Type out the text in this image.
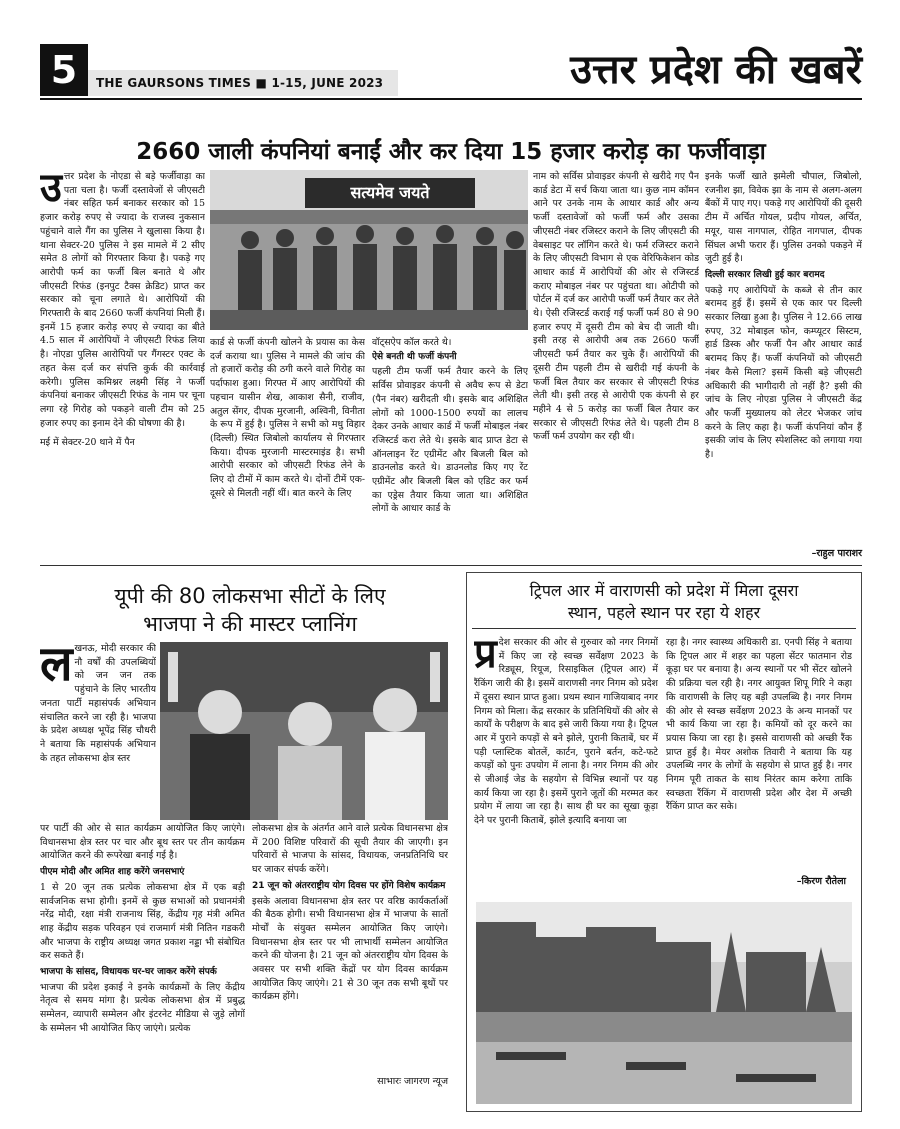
5	THE GAURSONS TIMES ■ 1-15, JUNE 2023	उत्तर प्रदेश की खबरें
2660 जाली कंपनियां बनाईं और कर दिया 15 हजार करोड़ का फर्जीवाड़ा
उ त्तर प्रदेश के नोएडा से बड़े फर्जीवाड़ा का पता चला है। फर्जी दस्तावेजों से जीएसटी नंबर सहित फर्म बनाकर सरकार को 15 हजार करोड़ रुपए से ज्यादा के राजस्व नुकसान पहुंचाने वाले गैंग का पुलिस ने खुलासा किया है। थाना सेक्टर-20 पुलिस ने इस मामले में 2 सीए समेत 8 लोगों को गिरफ्तार किया है। पकड़े गए आरोपी फर्म का फर्जी बिल बनाते थे और जीएसटी रिफंड (इनपुट टैक्स क्रेडिट) प्राप्त कर सरकार को चूना लगाते थे। आरोपियों की गिरफ्तारी के बाद 2660 फर्जी कंपनियां मिली हैं। इनमें 15 हजार करोड़ रुपए से ज्यादा का बीते 4.5 साल में आरोपियों ने जीएसटी रिफंड लिया है। नोएडा पुलिस आरोपियों पर गैंगस्टर एक्ट के तहत केस दर्ज कर संपत्ति कुर्क की कार्रवाई करेगी। पुलिस कमिश्नर लक्ष्मी सिंह ने फर्जी कंपनियां बनाकर जीएसटी रिफंड के नाम पर चूना लगा रहे गिरोह को पकड़ने वाली टीम को 25 हजार रुपए का इनाम देने की घोषणा की है।

मई में सेक्टर-20 थाने में पैन

सत्यमेव जयते
कार्ड से फर्जी कंपनी खोलने के प्रयास का केस दर्ज कराया था। पुलिस ने मामले की जांच की तो हजारों करोड़ की ठगी करने वाले गिरोह का पर्दाफाश हुआ। गिरफ्त में आए आरोपियों की पहचान यासीन शेख, आकाश सैनी, राजीव, अतुल सेंगर, दीपक मुरजानी, अश्विनी, विनीता के रूप में हुई है। पुलिस ने सभी को मधु विहार (दिल्ली) स्थित जिबोलो कार्यालय से गिरफ्तार किया। दीपक मुरजानी मास्टरमाइंड है। सभी आरोपी सरकार को जीएसटी रिफंड लेने के लिए दो टीमों में काम करते थे। दोनों टीमें एक-दूसरे से मिलती नहीं थीं। बात करने के लिए

वॉट्सऐप कॉल करते थे।

ऐसे बनती थी फर्जी कंपनी

पहली टीम फर्जी फर्म तैयार करने के लिए सर्विस प्रोवाइडर कंपनी से अवैध रूप से डेटा (पैन नंबर) खरीदती थी। इसके बाद अशिक्षित लोगों को 1000-1500 रुपयों का लालच देकर उनके आधार कार्ड में फर्जी मोबाइल नंबर रजिस्टर्ड करा लेते थे। इसके बाद प्राप्त डेटा से ऑनलाइन रेंट एग्रीमेंट और बिजली बिल को डाउनलोड करते थे। डाउनलोड किए गए रेंट एग्रीमेंट और बिजली बिल को एडिट कर फर्म का एड्रेस तैयार किया जाता था। अशिक्षित लोगों के आधार कार्ड के

नाम को सर्विस प्रोवाइडर कंपनी से खरीदे गए पैन कार्ड डेटा में सर्च किया जाता था। कुछ नाम कॉमन आने पर उनके नाम के आधार कार्ड और अन्य फर्जी दस्तावेजों को फर्जी फर्म और उसका जीएसटी नंबर रजिस्टर कराने के लिए जीएसटी की वेबसाइट पर लॉगिन करते थे। फर्म रजिस्टर कराने के लिए जीएसटी विभाग से एक वेरिफिकेशन कोड आधार कार्ड में आरोपियों की ओर से रजिस्टर्ड कराए मोबाइल नंबर पर पहुंचता था। ओटीपी को पोर्टल में दर्ज कर आरोपी फर्जी फर्म तैयार कर लेते थे। ऐसी रजिस्टर्ड कराई गई फर्जी फर्म 80 से 90 हजार रुपए में दूसरी टीम को बेच दी जाती थी। इसी तरह से आरोपी अब तक 2660 फर्जी जीएसटी फर्म तैयार कर चुके हैं। आरोपियों की दूसरी टीम पहली टीम से खरीदी गई कंपनी के फर्जी बिल तैयार कर सरकार से जीएसटी रिफंड लेती थी। इसी तरह से आरोपी एक कंपनी से हर महीने 4 से 5 करोड़ का फर्जी बिल तैयार कर सरकार से जीएसटी रिफंड लेते थे। पहली टीम 8 फर्जी फर्म उपयोग कर रही थी।

इनके फर्जी खाते झमेली चौपाल, जिबोलो, रजनीश झा, विवेक झा के नाम से अलग-अलग बैंकों में पाए गए। पकड़े गए आरोपियों की दूसरी टीम में अर्चित गोयल, प्रदीप गोयल, अर्चित, मयूर, यास नागपाल, रोहित नागपाल, दीपक सिंघल अभी फरार हैं। पुलिस उनको पकड़ने में जुटी हुई है।

दिल्ली सरकार लिखी हुई कार बरामद

पकड़े गए आरोपियों के कब्जे से तीन कार बरामद हुई हैं। इसमें से एक कार पर दिल्ली सरकार लिखा हुआ है। पुलिस ने 12.66 लाख रुपए, 32 मोबाइल फोन, कम्प्यूटर सिस्टम, हार्ड डिस्क और फर्जी पैन और आधार कार्ड बरामद किए हैं। फर्जी कंपनियों को जीएसटी नंबर कैसे मिला? इसमें किसी बड़े जीएसटी अधिकारी की भागीदारी तो नहीं है? इसी की जांच के लिए नोएडा पुलिस ने जीएसटी केंद्र और फर्जी मुख्यालय को लेटर भेजकर जांच करने के लिए कहा है। फर्जी कंपनियां कौन हैं इसकी जांच के लिए स्पेशलिस्ट को लगाया गया है।

–राहुल पाराशर
यूपी की 80 लोकसभा सीटों के लिए
भाजपा ने की मास्टर प्लानिंग
ल खनऊ, मोदी सरकार की नौ वर्षों की उपलब्धियों को जन जन तक पहुंचाने के लिए भारतीय जनता पार्टी महासंपर्क अभियान संचालित करने जा रही है। भाजपा के प्रदेश अध्यक्ष भूपेंद्र सिंह चौधरी ने बताया कि महासंपर्क अभियान के तहत लोकसभा क्षेत्र स्तर

पर पार्टी की ओर से सात कार्यक्रम आयोजित किए जाएंगे। विधानसभा क्षेत्र स्तर पर चार और बूथ स्तर पर तीन कार्यक्रम आयोजित करने की रूपरेखा बनाई गई है।

पीएम मोदी और अमित शाह करेंगे जनसभाएं

1 से 20 जून तक प्रत्येक लोकसभा क्षेत्र में एक बड़ी सार्वजनिक सभा होगी। इनमें से कुछ सभाओं को प्रधानमंत्री नरेंद्र मोदी, रक्षा मंत्री राजनाथ सिंह, केंद्रीय गृह मंत्री अमित शाह केंद्रीय सड़क परिवहन एवं राजमार्ग मंत्री नितिन गडकरी और भाजपा के राष्ट्रीय अध्यक्ष जगत प्रकाश नड्डा भी संबोधित कर सकते हैं।

भाजपा के सांसद, विधायक घर-घर जाकर करेंगे संपर्क

भाजपा की प्रदेश इकाई ने इनके कार्यक्रमों के लिए केंद्रीय नेतृत्व से समय मांगा है। प्रत्येक लोकसभा क्षेत्र में प्रबुद्ध सम्मेलन, व्यापारी सम्मेलन और इंटरनेट मीडिया से जुड़े लोगों के सम्मेलन भी आयोजित किए जाएंगे। प्रत्येक

लोकसभा क्षेत्र के अंतर्गत आने वाले प्रत्येक विधानसभा क्षेत्र में 200 विशिष्ट परिवारों की सूची तैयार की जाएगी। इन परिवारों से भाजपा के सांसद, विधायक, जनप्रतिनिधि घर घर जाकर संपर्क करेंगे।

21 जून को अंतरराष्ट्रीय योग दिवस पर होंगे विशेष कार्यक्रम

इसके अलावा विधानसभा क्षेत्र स्तर पर वरिष्ठ कार्यकर्ताओं की बैठक होगी। सभी विधानसभा क्षेत्र में भाजपा के सातों मोर्चों के संयुक्त सम्मेलन आयोजित किए जाएंगे। विधानसभा क्षेत्र स्तर पर भी लाभार्थी सम्मेलन आयोजित करने की योजना है। 21 जून को अंतरराष्ट्रीय योग दिवस के अवसर पर सभी शक्ति केंद्रों पर योग दिवस कार्यक्रम आयोजित किए जाएंगे। 21 से 30 जून तक सभी बूथों पर कार्यक्रम होंगे।

साभारः जागरण न्यूज
ट्रिपल आर में वाराणसी को प्रदेश में मिला दूसरा
स्थान, पहले स्थान पर रहा ये शहर
प्र देश सरकार की ओर से गुरुवार को नगर निगमों में किए जा रहे स्वच्छ सर्वेक्षण 2023 के रिड्यूस, रियूज, रिसाइकिल (ट्रिपल आर) में रैंकिंग जारी की है। इसमें वाराणसी नगर निगम को प्रदेश में दूसरा स्थान प्राप्त हुआ। प्रथम स्थान गाजियाबाद नगर निगम को मिला। केंद्र सरकार के प्रतिनिधियों की ओर से कार्यों के परीक्षण के बाद इसे जारी किया गया है। ट्रिपल आर में पुराने कपड़ों से बने झोले, पुरानी किताबें, घर में पड़ी प्लास्टिक बोतलें, कार्टन, पुराने बर्तन, कटे-फटे कपड़ों को पुनः उपयोग में लाना है। नगर निगम की ओर से जीआई जेड के सहयोग से विभिन्न स्थानों पर यह कार्य किया जा रहा है। इसमें पुराने जूतों की मरम्मत कर प्रयोग में लाया जा रहा है। साथ ही घर का सूखा कूड़ा देने पर पुरानी किताबें, झोले इत्यादि बनाया जा
रहा है। नगर स्वास्थ्य अधिकारी डा. एनपी सिंह ने बताया कि ट्रिपल आर में शहर का पहला सेंटर फातमान रोड कूड़ा घर पर बनाया है। अन्य स्थानों पर भी सेंटर खोलने की प्रक्रिया चल रही है। नगर आयुक्त शिपू गिरि ने कहा कि वाराणसी के लिए यह बड़ी उपलब्धि है। नगर निगम की ओर से स्वच्छ सर्वेक्षण 2023 के अन्य मानकों पर भी कार्य किया जा रहा है। कमियों को दूर करने का प्रयास किया जा रहा है। इससे वाराणसी को अच्छी रैंक प्राप्त हुई है। मेयर अशोक तिवारी ने बताया कि यह उपलब्धि नगर के लोगों के सहयोग से प्राप्त हुई है। नगर निगम पूरी ताकत के साथ निरंतर काम करेगा ताकि स्वच्छता रैंकिंग में वाराणसी प्रदेश और देश में अच्छी रैंकिंग प्राप्त कर सके।
–किरण रौतेला
